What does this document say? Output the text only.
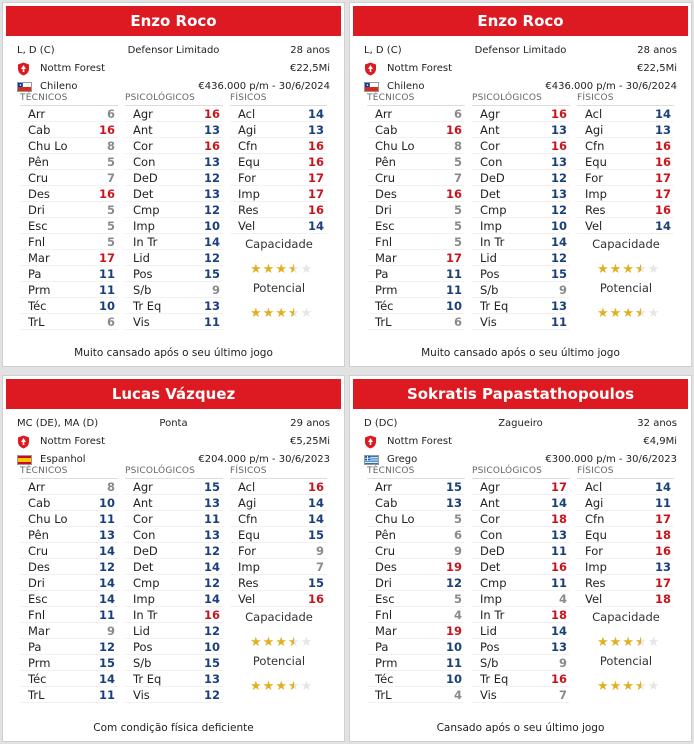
Enzo Roco
L, D (C)	Defensor Limitado	28 anos
Nottm Forest	€22,5Mi
Chileno	€436.000 p/m - 30/6/2024
TÉCNICOS	PSICOLÓGICOS	FÍSICOS
Arr	6
Cab	16
Chu Lo	8
Pên	5
Cru	7
Des	16
Dri	5
Esc	5
Fnl	5
Mar	17
Pa	11
Prm	11
Téc	10
TrL	6
Agr	16
Ant	13
Cor	16
Con	13
DeD	12
Det	13
Cmp	12
Imp	10
In Tr	14
Lid	12
Pos	15
S/b	9
Tr Eq	13
Vis	11
Acl	14
Agi	13
Cfn	16
Equ	16
For	17
Imp	17
Res	16
Vel	14
Capacidade
★ ★ ★ ★ ★ ★
Potencial
★ ★ ★ ★ ★ ★
Muito cansado após o seu último jogo
Enzo Roco
L, D (C)	Defensor Limitado	28 anos
Nottm Forest	€22,5Mi
Chileno	€436.000 p/m - 30/6/2024
TÉCNICOS	PSICOLÓGICOS	FÍSICOS
Arr	6
Cab	16
Chu Lo	8
Pên	5
Cru	7
Des	16
Dri	5
Esc	5
Fnl	5
Mar	17
Pa	11
Prm	11
Téc	10
TrL	6
Agr	16
Ant	13
Cor	16
Con	13
DeD	12
Det	13
Cmp	12
Imp	10
In Tr	14
Lid	12
Pos	15
S/b	9
Tr Eq	13
Vis	11
Acl	14
Agi	13
Cfn	16
Equ	16
For	17
Imp	17
Res	16
Vel	14
Capacidade
★ ★ ★ ★ ★ ★
Potencial
★ ★ ★ ★ ★ ★
Muito cansado após o seu último jogo
Lucas Vázquez
MC (DE), MA (D)	Ponta	29 anos
Nottm Forest	€5,25Mi
Espanhol	€204.000 p/m - 30/6/2023
TÉCNICOS	PSICOLÓGICOS	FÍSICOS
Arr	8
Cab	10
Chu Lo	11
Pên	13
Cru	14
Des	12
Dri	14
Esc	14
Fnl	11
Mar	9
Pa	12
Prm	15
Téc	14
TrL	11
Agr	15
Ant	13
Cor	11
Con	13
DeD	12
Det	14
Cmp	12
Imp	14
In Tr	16
Lid	12
Pos	10
S/b	15
Tr Eq	13
Vis	12
Acl	16
Agi	14
Cfn	14
Equ	15
For	9
Imp	7
Res	15
Vel	16
Capacidade
★ ★ ★ ★ ★ ★
Potencial
★ ★ ★ ★ ★ ★
Com condição física deficiente
Sokratis Papastathopoulos
D (DC)	Zagueiro	32 anos
Nottm Forest	€4,9Mi
Grego	€300.000 p/m - 30/6/2023
TÉCNICOS	PSICOLÓGICOS	FÍSICOS
Arr	15
Cab	13
Chu Lo	5
Pên	6
Cru	9
Des	19
Dri	12
Esc	5
Fnl	4
Mar	19
Pa	10
Prm	11
Téc	10
TrL	4
Agr	17
Ant	14
Cor	18
Con	13
DeD	11
Det	16
Cmp	11
Imp	4
In Tr	18
Lid	14
Pos	13
S/b	9
Tr Eq	16
Vis	7
Acl	14
Agi	11
Cfn	17
Equ	18
For	16
Imp	13
Res	17
Vel	18
Capacidade
★ ★ ★ ★ ★ ★
Potencial
★ ★ ★ ★ ★ ★
Cansado após o seu último jogo
